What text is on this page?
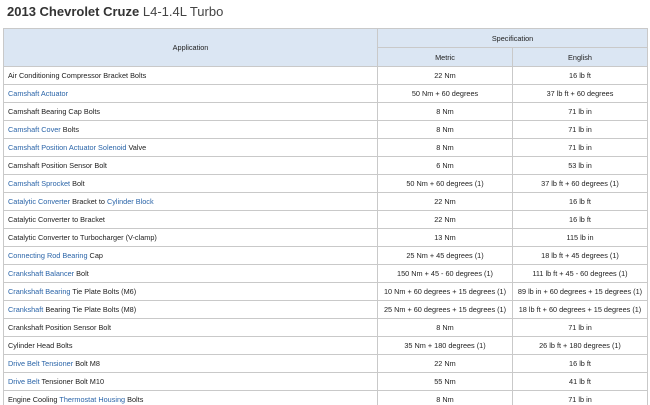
2013 Chevrolet Cruze L4-1.4L Turbo
Application	Specification	
	Metric	English
Air Conditioning Compressor Bracket Bolts	22 Nm	16 lb ft
Camshaft Actuator	50 Nm + 60 degrees	37 lb ft + 60 degrees
Camshaft Bearing Cap Bolts	8 Nm	71 lb in
Camshaft Cover Bolts	8 Nm	71 lb in
Camshaft Position Actuator Solenoid Valve	8 Nm	71 lb in
Camshaft Position Sensor Bolt	6 Nm	53 lb in
Camshaft Sprocket Bolt	50 Nm + 60 degrees (1)	37 lb ft + 60 degrees (1)
Catalytic Converter Bracket to Cylinder Block	22 Nm	16 lb ft
Catalytic Converter to Bracket	22 Nm	16 lb ft
Catalytic Converter to Turbocharger (V-clamp)	13 Nm	115 lb in
Connecting Rod Bearing Cap	25 Nm + 45 degrees (1)	18 lb ft + 45 degrees (1)
Crankshaft Balancer Bolt	150 Nm + 45 - 60 degrees (1)	111 lb ft + 45 - 60 degrees (1)
Crankshaft Bearing Tie Plate Bolts (M6)	10 Nm + 60 degrees + 15 degrees (1)	89 lb in + 60 degrees + 15 degrees (1)
Crankshaft Bearing Tie Plate Bolts (M8)	25 Nm + 60 degrees + 15 degrees (1)	18 lb ft + 60 degrees + 15 degrees (1)
Crankshaft Position Sensor Bolt	8 Nm	71 lb in
Cylinder Head Bolts	35 Nm + 180 degrees (1)	26 lb ft + 180 degrees (1)
Drive Belt Tensioner Bolt M8	22 Nm	16 lb ft
Drive Belt Tensioner Bolt M10	55 Nm	41 lb ft
Engine Cooling Thermostat Housing Bolts	8 Nm	71 lb in
